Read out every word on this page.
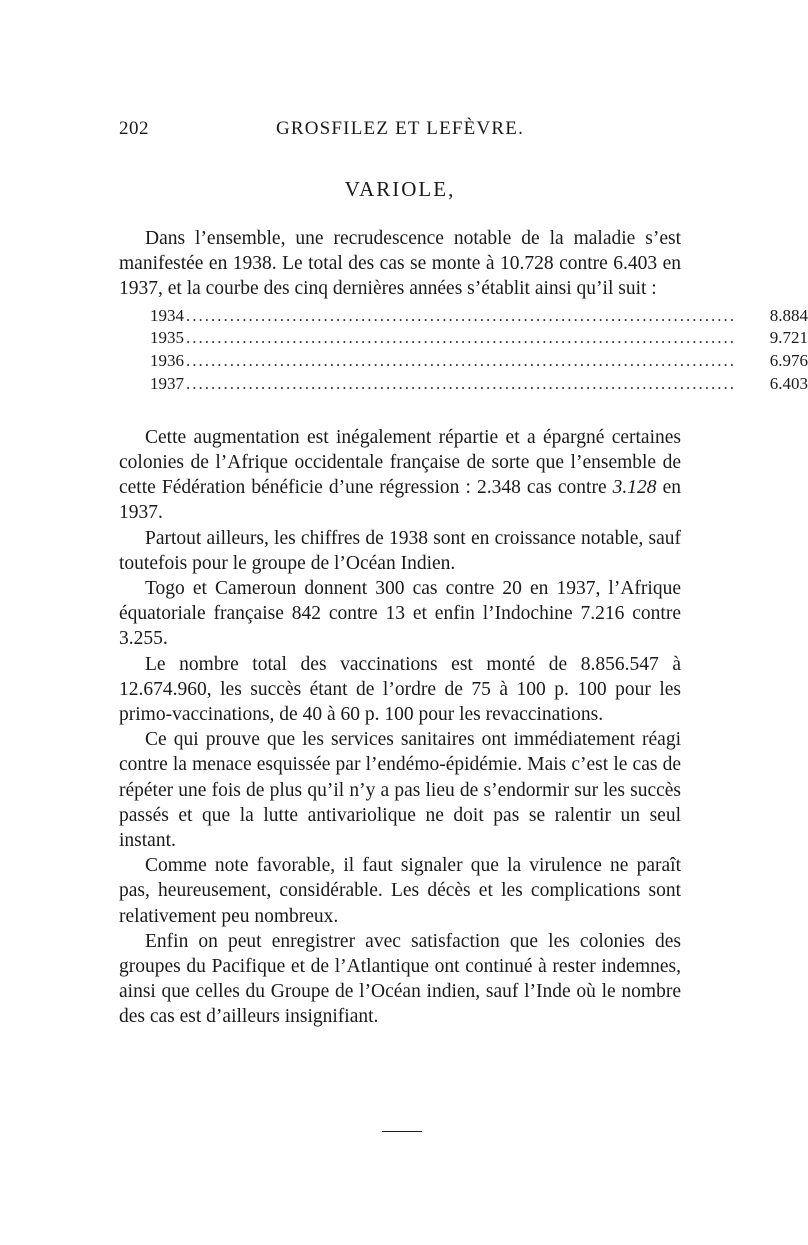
202	GROSFILEZ ET LEFÈVRE.
VARIOLE,

Dans l’ensemble, une recrudescence notable de la maladie s’est manifestée en 1938. Le total des cas se monte à 10.728 contre 6.403 en 1937, et la courbe des cinq dernières années s’établit ainsi qu’il suit :

1934 ........................................................................................	8.884
1935 ........................................................................................	9.721
1936 ........................................................................................	6.976
1937 ........................................................................................	6.403

Cette augmentation est inégalement répartie et a épargné certaines colonies de l’Afrique occidentale française de sorte que l’ensemble de cette Fédération bénéficie d’une régression : 2.348 cas contre 3.128 en 1937.

Partout ailleurs, les chiffres de 1938 sont en croissance notable, sauf toutefois pour le groupe de l’Océan Indien.

Togo et Cameroun donnent 300 cas contre 20 en 1937, l’Afrique équatoriale française 842 contre 13 et enfin l’Indochine 7.216 contre 3.255.

Le nombre total des vaccinations est monté de 8.856.547 à 12.674.960, les succès étant de l’ordre de 75 à 100 p. 100 pour les primo-vaccinations, de 40 à 60 p. 100 pour les revaccinations.

Ce qui prouve que les services sanitaires ont immédiatement réagi contre la menace esquissée par l’endémo-épidémie. Mais c’est le cas de répéter une fois de plus qu’il n’y a pas lieu de s’endormir sur les succès passés et que la lutte antivariolique ne doit pas se ralentir un seul instant.

Comme note favorable, il faut signaler que la virulence ne paraît pas, heureusement, considérable. Les décès et les complications sont relativement peu nombreux.

Enfin on peut enregistrer avec satisfaction que les colonies des groupes du Pacifique et de l’Atlantique ont continué à rester indemnes, ainsi que celles du Groupe de l’Océan indien, sauf l’Inde où le nombre des cas est d’ailleurs insignifiant.
